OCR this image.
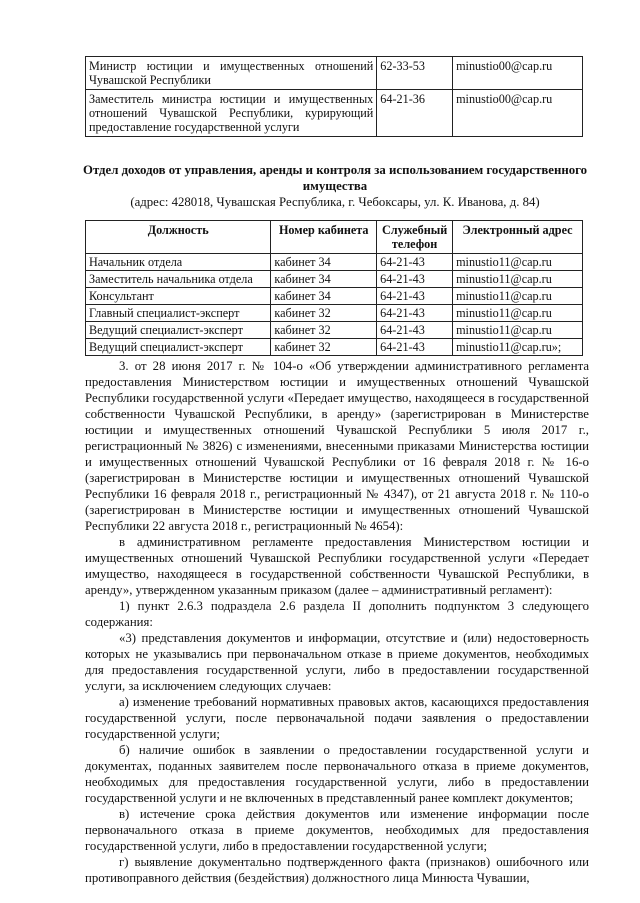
Министр юстиции и имущественных отношений Чувашской Республики	62-33-53	minustio00@cap.ru
Заместитель министра юстиции и имущественных отношений Чувашской Республики, курирующий предоставление государственной услуги	64-21-36	minustio00@cap.ru
Отдел доходов от управления, аренды и контроля за использованием государственного имущества
(адрес: 428018, Чувашская Республика, г. Чебоксары, ул. К. Иванова, д. 84)
Должность	Номер кабинета	Служебный телефон	Электронный адрес
Начальник отдела	кабинет 34	64-21-43	minustio11@cap.ru
Заместитель начальника отдела	кабинет 34	64-21-43	minustio11@cap.ru
Консультант	кабинет 34	64-21-43	minustio11@cap.ru
Главный специалист-эксперт	кабинет 32	64-21-43	minustio11@cap.ru
Ведущий специалист-эксперт	кабинет 32	64-21-43	minustio11@cap.ru
Ведущий специалист-эксперт	кабинет 32	64-21-43	minustio11@cap.ru»;

3. от 28 июня 2017 г. № 104-о «Об утверждении административного регламента предоставления Министерством юстиции и имущественных отношений Чувашской Республики государственной услуги «Передает имущество, находящееся в государственной собственности Чувашской Республики, в аренду» (зарегистрирован в Министерстве юстиции и имущественных отношений Чувашской Республики 5 июля 2017 г., регистрационный № 3826) с изменениями, внесенными приказами Министерства юстиции и имущественных отношений Чувашской Республики от 16 февраля 2018 г. № 16-о (зарегистрирован в Министерстве юстиции и имущественных отношений Чувашской Республики 16 февраля 2018 г., регистрационный № 4347), от 21 августа 2018 г. № 110-о (зарегистрирован в Министерстве юстиции и имущественных отношений Чувашской Республики 22 августа 2018 г., регистрационный № 4654):

в административном регламенте предоставления Министерством юстиции и имущественных отношений Чувашской Республики государственной услуги «Передает имущество, находящееся в государственной собственности Чувашской Республики, в аренду», утвержденном указанным приказом (далее – административный регламент):

1) пункт 2.6.3 подраздела 2.6 раздела II дополнить подпунктом 3 следующего содержания:

«3) представления документов и информации, отсутствие и (или) недостоверность которых не указывались при первоначальном отказе в приеме документов, необходимых для предоставления государственной услуги, либо в предоставлении государственной услуги, за исключением следующих случаев:

а) изменение требований нормативных правовых актов, касающихся предоставления государственной услуги, после первоначальной подачи заявления о предоставлении государственной услуги;

б) наличие ошибок в заявлении о предоставлении государственной услуги и документах, поданных заявителем после первоначального отказа в приеме документов, необходимых для предоставления государственной услуги, либо в предоставлении государственной услуги и не включенных в представленный ранее комплект документов;

в) истечение срока действия документов или изменение информации после первоначального отказа в приеме документов, необходимых для предоставления государственной услуги, либо в предоставлении государственной услуги;

г) выявление документально подтвержденного факта (признаков) ошибочного или противоправного действия (бездействия) должностного лица Минюста Чувашии,
